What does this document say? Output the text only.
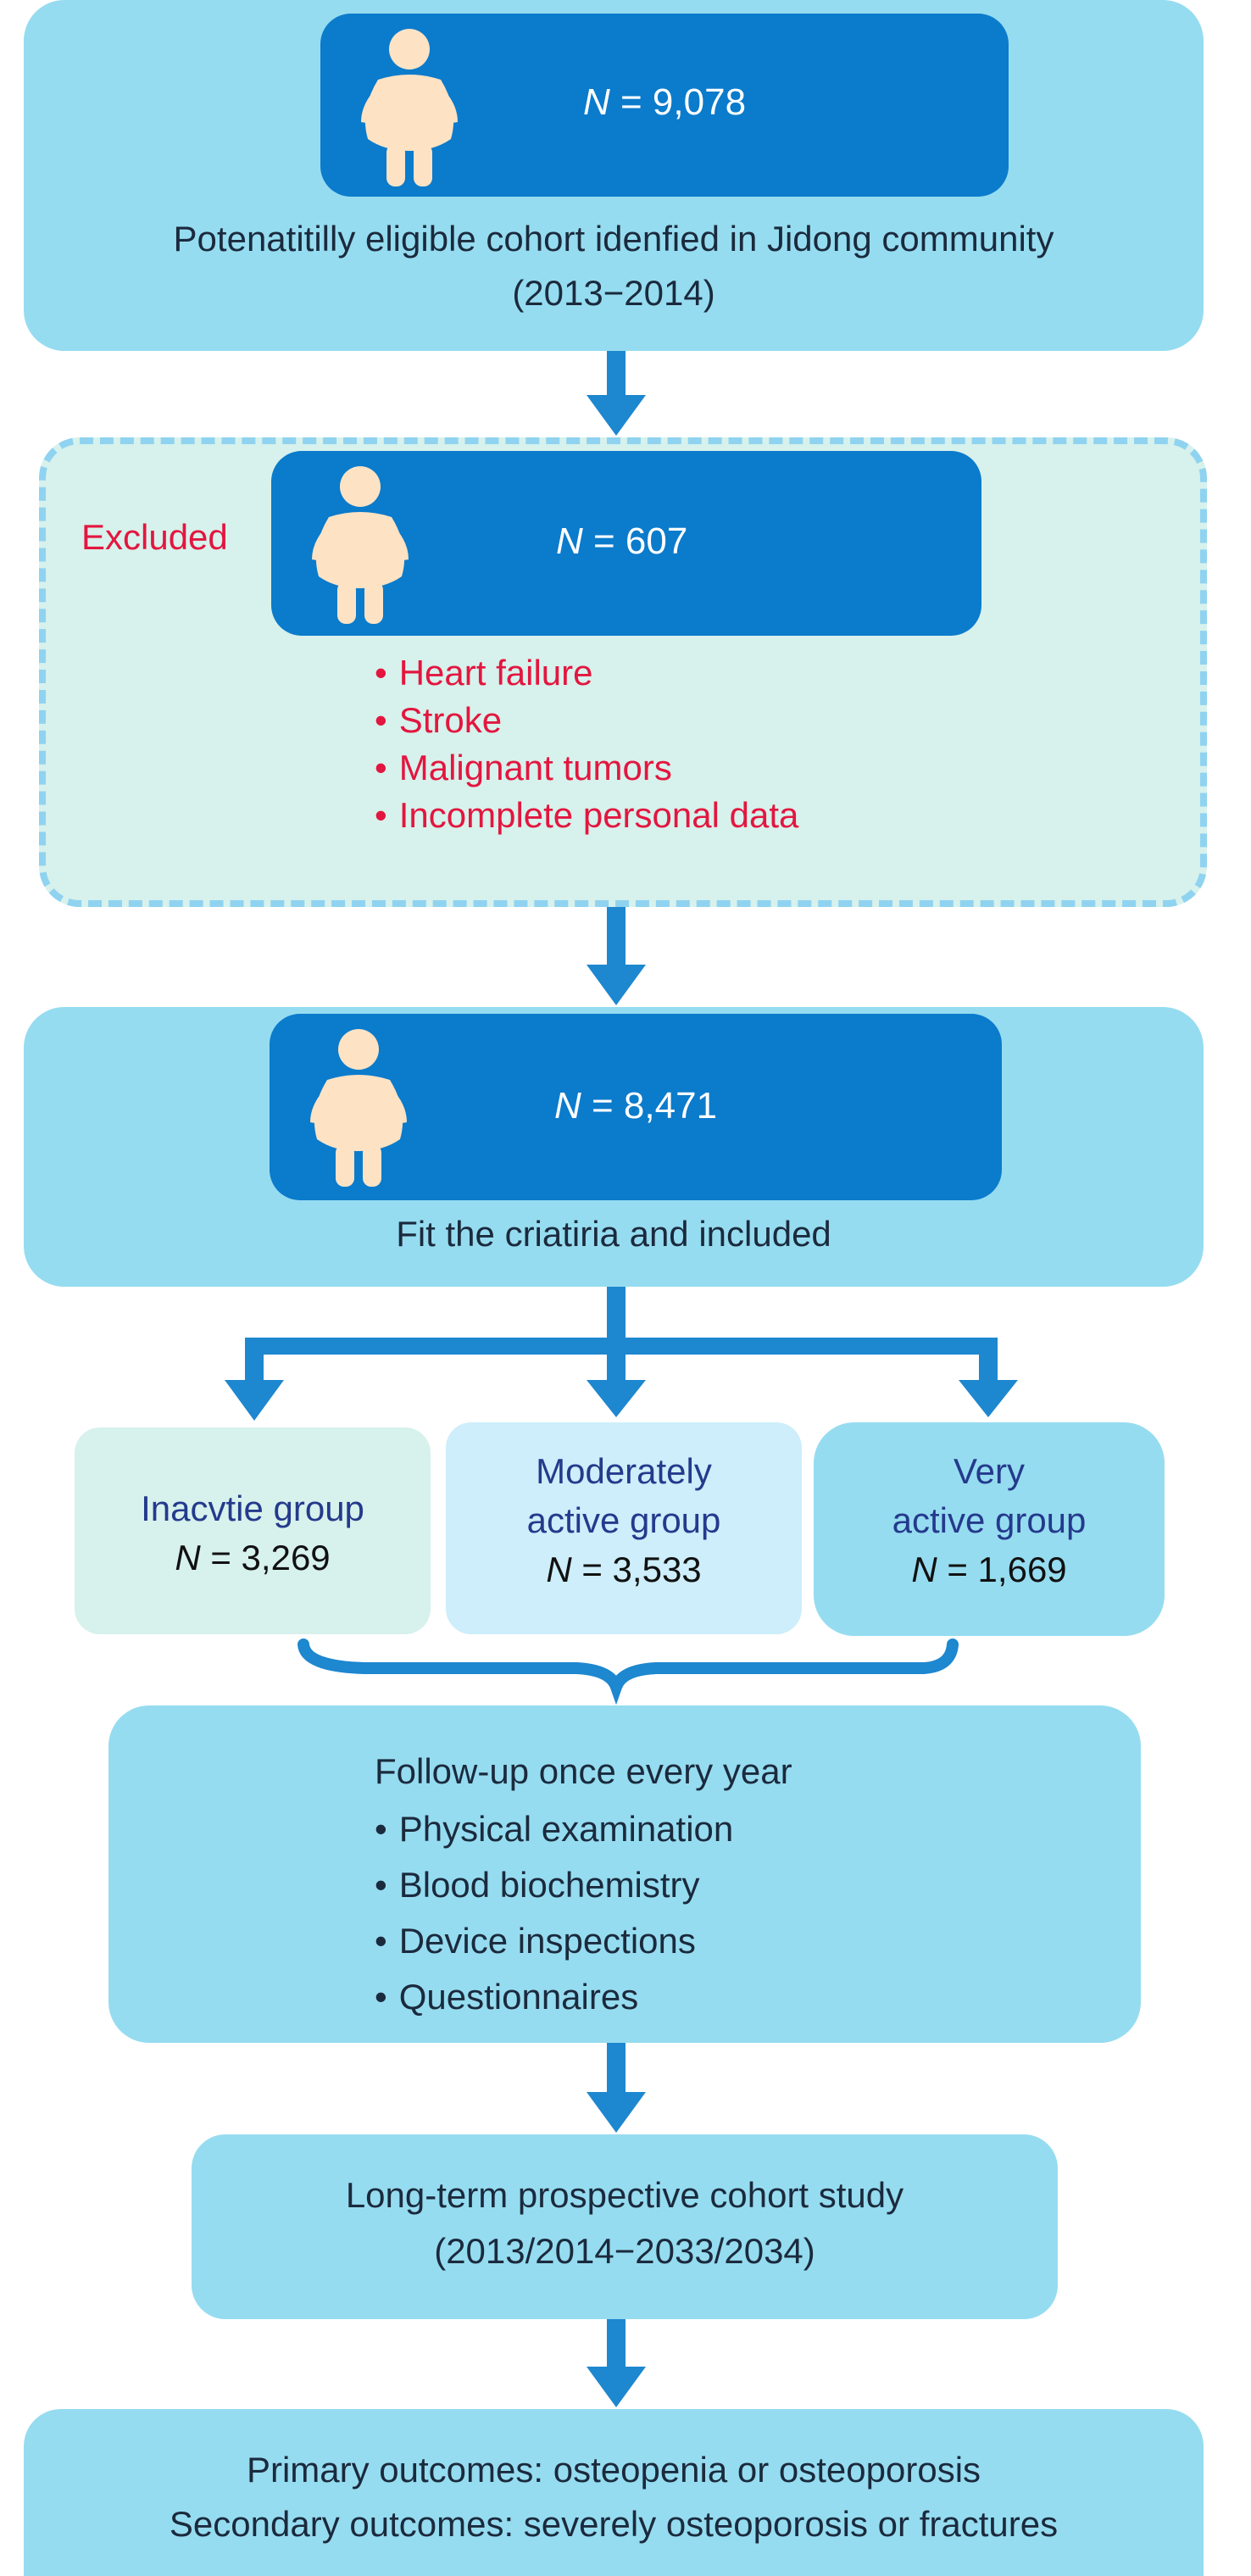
N = 9,078
Potenatitilly eligible cohort idenfied in Jidong community
(2013−2014)
Excluded	N = 607
• Heart failure
• Stroke
• Malignant tumors
• Incomplete personal data
N = 8,471
Fit the criatiria and included
Inacvtie group
N = 3,269
Moderately
active group
N = 3,533
Very
active group
N = 1,669
Follow-up once every year
• Physical examination
• Blood biochemistry
• Device inspections
• Questionnaires
Long-term prospective cohort study
(2013/2014−2033/2034)
Primary outcomes: osteopenia or osteoporosis
Secondary outcomes: severely osteoporosis or fractures
